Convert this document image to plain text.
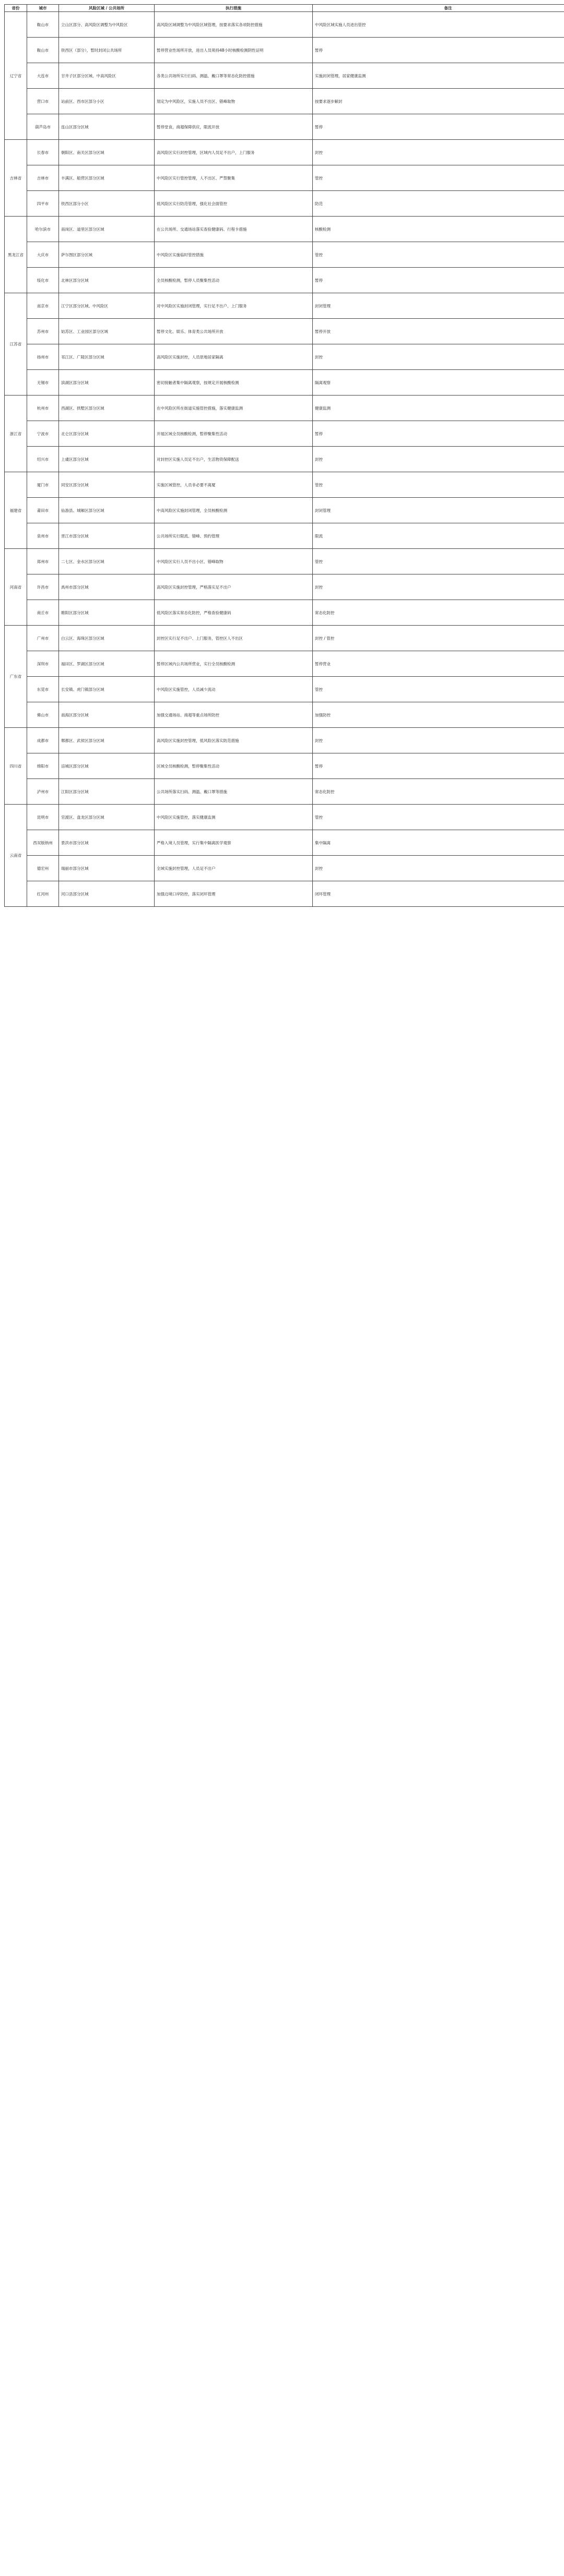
省份	城市	风险区域 / 公共场所	执行措施	备注
辽宁省	鞍山市	立山区部分、高风险区调整为中风险区	高风险区域调整为中风险区域管理，按要求落实各项防控措施	中风险区域实施人员进出管控
	鞍山市	铁西区（部分），暂时封闭公共场所	暂停营业性场所开放，进出人员须持48小时核酸检测阴性证明	暂停
	大连市	甘井子区部分区域、中高风险区	各类公共场所实行扫码、测温、戴口罩等常态化防控措施	实施封闭管理，居家健康监测
	营口市	站前区、西市区部分小区	划定为中风险区，实施人员不出区、错峰取物	按要求逐步解封
	葫芦岛市	连山区部分区域	暂停堂食，商超保障供应，限流开放	暂停
吉林省	长春市	朝阳区、南关区部分区域	高风险区实行封控管理，区域内人员足不出户，上门服务	封控
	吉林市	丰满区、船营区部分区域	中风险区实行管控管理，人不出区、严禁聚集	管控
	四平市	铁西区部分小区	低风险区实行防范管理，强化社会面管控	防范
黑龙江省	哈尔滨市	南岗区、道里区部分区域	在公共场所、交通场站落实查验健康码、行程卡措施	核酸检测
	大庆市	萨尔图区部分区域	中风险区实施临时管控措施	管控
	绥化市	北林区部分区域	全员核酸检测，暂停人员聚集性活动	暂停
江苏省	南京市	江宁区部分区域、中风险区	对中风险区实施封闭管理，实行足不出户、上门服务	封闭管理
	苏州市	姑苏区、工业园区部分区域	暂停文化、娱乐、体育类公共场所开放	暂停开放
	扬州市	邗江区、广陵区部分区域	高风险区实施封控，人员原地居家隔离	封控
	无锡市	滨湖区部分区域	密切接触者集中隔离观察，按规定开展核酸检测	隔离观察
浙江省	杭州市	西湖区、拱墅区部分区域	在中风险区所在街道实施管控措施，落实健康监测	健康监测
	宁波市	北仑区部分区域	开展区域全员核酸检测，暂停聚集性活动	暂停
	绍兴市	上虞区部分区域	对封控区实施人员足不出户，生活物资保障配送	封控
福建省	厦门市	同安区部分区域	实施区域管控，人员非必要不离厦	管控
	莆田市	仙游县、城厢区部分区域	中高风险区实施封闭管理，全员核酸检测	封闭管理
	泉州市	晋江市部分区域	公共场所实行限流、错峰、预约管理	限流
河南省	郑州市	二七区、金水区部分区域	中风险区实行人员不出小区、错峰取物	管控
	许昌市	禹州市部分区域	高风险区实施封控管理，严格落实足不出户	封控
	商丘市	睢阳区部分区域	低风险区落实常态化防控，严格查验健康码	常态化防控
广东省	广州市	白云区、海珠区部分区域	封控区实行足不出户、上门服务，管控区人不出区	封控 / 管控
	深圳市	福田区、罗湖区部分区域	暂停区域内公共场所营业，实行全员核酸检测	暂停营业
	东莞市	长安镇、虎门镇部分区域	中风险区实施管控，人员减少流动	管控
	佛山市	南海区部分区域	加强交通场站、商超等重点场所防控	加强防控
四川省	成都市	郫都区、武侯区部分区域	高风险区实施封控管理，低风险区落实防范措施	封控
	绵阳市	涪城区部分区域	区域全员核酸检测，暂停聚集性活动	暂停
	泸州市	江阳区部分区域	公共场所落实扫码、测温、戴口罩等措施	常态化防控
云南省	昆明市	官渡区、盘龙区部分区域	中风险区实施管控，落实健康监测	管控
	西双版纳州	景洪市部分区域	严格入境人员管理，实行集中隔离医学观察	集中隔离
	德宏州	瑞丽市部分区域	全域实施封控管理，人员足不出户	封控
	红河州	河口县部分区域	加强边境口岸防控，落实闭环管理	闭环管理
